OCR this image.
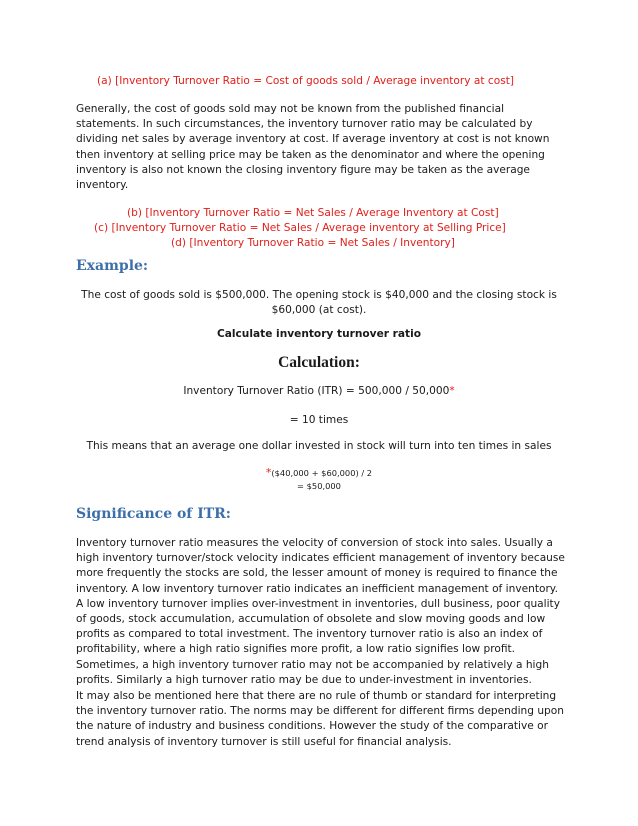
(a) [Inventory Turnover Ratio = Cost of goods sold / Average inventory at cost]
Generally, the cost of goods sold may not be known from the published financial
statements. In such circumstances, the inventory turnover ratio may be calculated by
dividing net sales by average inventory at cost. If average inventory at cost is not known
then inventory at selling price may be taken as the denominator and where the opening
inventory is also not known the closing inventory figure may be taken as the average
inventory.
(b) [Inventory Turnover Ratio = Net Sales / Average Inventory at Cost]
(c) [Inventory Turnover Ratio = Net Sales / Average inventory at Selling Price]
(d) [Inventory Turnover Ratio = Net Sales / Inventory]
Example:
The cost of goods sold is $500,000. The opening stock is $40,000 and the closing stock is
$60,000 (at cost).
Calculate inventory turnover ratio
Calculation:
Inventory Turnover Ratio (ITR) = 500,000 / 50,000*
= 10 times
This means that an average one dollar invested in stock will turn into ten times in sales
*($40,000 + $60,000) / 2
= $50,000
Significance of ITR:
Inventory turnover ratio measures the velocity of conversion of stock into sales. Usually a
high inventory turnover/stock velocity indicates efficient management of inventory because
more frequently the stocks are sold, the lesser amount of money is required to finance the
inventory. A low inventory turnover ratio indicates an inefficient management of inventory.
A low inventory turnover implies over-investment in inventories, dull business, poor quality
of goods, stock accumulation, accumulation of obsolete and slow moving goods and low
profits as compared to total investment. The inventory turnover ratio is also an index of
profitability, where a high ratio signifies more profit, a low ratio signifies low profit.
Sometimes, a high inventory turnover ratio may not be accompanied by relatively a high
profits. Similarly a high turnover ratio may be due to under-investment in inventories.
It may also be mentioned here that there are no rule of thumb or standard for interpreting
the inventory turnover ratio. The norms may be different for different firms depending upon
the nature of industry and business conditions. However the study of the comparative or
trend analysis of inventory turnover is still useful for financial analysis.
